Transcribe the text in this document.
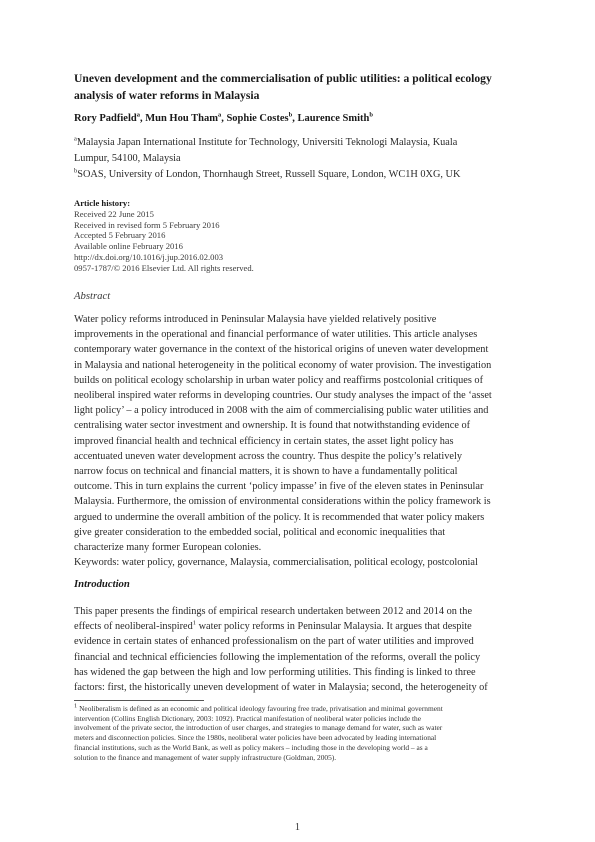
Uneven development and the commercialisation of public utilities: a political ecology
analysis of water reforms in Malaysia
Rory Padfield$^a$, Mun Hou Tham$^a$, Sophie Costes$^b$, Laurence Smith$^b$
$^a$Malaysia Japan International Institute for Technology, Universiti Teknologi Malaysia, Kuala
Lumpur, 54100, Malaysia
$^b$SOAS, University of London, Thornhaugh Street, Russell Square, London, WC1H 0XG, UK
Article history:
Received 22 June 2015
Received in revised form 5 February 2016
Accepted 5 February 2016
Available online February 2016
http://dx.doi.org/10.1016/j.jup.2016.02.003
0957-1787/© 2016 Elsevier Ltd. All rights reserved.
Abstract
Water policy reforms introduced in Peninsular Malaysia have yielded relatively positive
improvements in the operational and financial performance of water utilities. This article analyses
contemporary water governance in the context of the historical origins of uneven water development
in Malaysia and national heterogeneity in the political economy of water provision. The investigation
builds on political ecology scholarship in urban water policy and reaffirms postcolonial critiques of
neoliberal inspired water reforms in developing countries. Our study analyses the impact of the ‘asset
light policy’ – a policy introduced in 2008 with the aim of commercialising public water utilities and
centralising water sector investment and ownership. It is found that notwithstanding evidence of
improved financial health and technical efficiency in certain states, the asset light policy has
accentuated uneven water development across the country. Thus despite the policy’s relatively
narrow focus on technical and financial matters, it is shown to have a fundamentally political
outcome. This in turn explains the current ‘policy impasse’ in five of the eleven states in Peninsular
Malaysia. Furthermore, the omission of environmental considerations within the policy framework is
argued to undermine the overall ambition of the policy. It is recommended that water policy makers
give greater consideration to the embedded social, political and economic inequalities that
characterize many former European colonies.
Keywords: water policy, governance, Malaysia, commercialisation, political ecology, postcolonial
Introduction
This paper presents the findings of empirical research undertaken between 2012 and 2014 on the
effects of neoliberal-inspired$^1$ water policy reforms in Peninsular Malaysia. It argues that despite
evidence in certain states of enhanced professionalism on the part of water utilities and improved
financial and technical efficiencies following the implementation of the reforms, overall the policy
has widened the gap between the high and low performing utilities. This finding is linked to three
factors: first, the historically uneven development of water in Malaysia; second, the heterogeneity of
$^1$ Neoliberalism is defined as an economic and political ideology favouring free trade, privatisation and minimal government
intervention (Collins English Dictionary, 2003: 1092). Practical manifestation of neoliberal water policies include the
involvement of the private sector, the introduction of user charges, and strategies to manage demand for water, such as water
meters and disconnection policies. Since the 1980s, neoliberal water policies have been advocated by leading international
financial institutions, such as the World Bank, as well as policy makers – including those in the developing world – as a
solution to the finance and management of water supply infrastructure (Goldman, 2005).
1
